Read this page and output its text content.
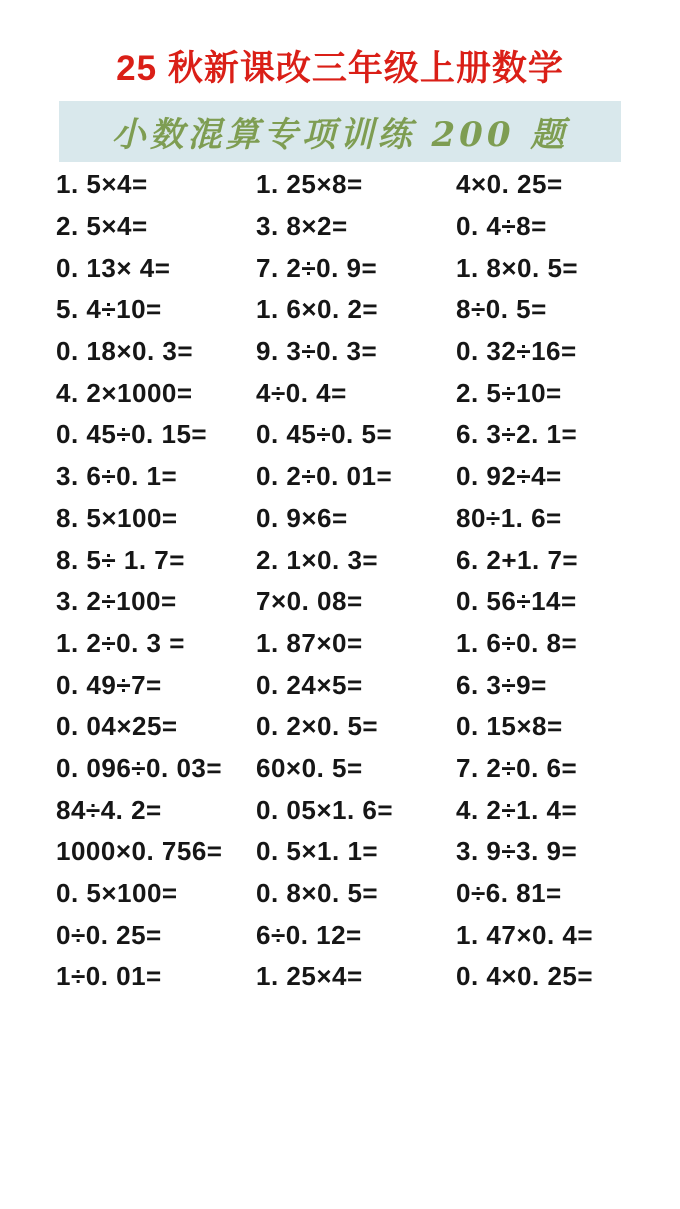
25 秋新课改三年级上册数学
小数混算专项训练 200 题
1. 5×4=	1. 25×8=	4×0. 25=
2. 5×4=	3. 8×2=	0. 4÷8=
0. 13× 4=	7. 2÷0. 9=	1. 8×0. 5=
5. 4÷10=	1. 6×0. 2=	8÷0. 5=
0. 18×0. 3=	9. 3÷0. 3=	0. 32÷16=
4. 2×1000=	4÷0. 4=	2. 5÷10=
0. 45÷0. 15=	0. 45÷0. 5=	6. 3÷2. 1=
3. 6÷0. 1=	0. 2÷0. 01=	0. 92÷4=
8. 5×100=	0. 9×6=	80÷1. 6=
8. 5÷ 1. 7=	2. 1×0. 3=	6. 2+1. 7=
3. 2÷100=	7×0. 08=	0. 56÷14=
1. 2÷0. 3 =	1. 87×0=	1. 6÷0. 8=
0. 49÷7=	0. 24×5=	6. 3÷9=
0. 04×25=	0. 2×0. 5=	0. 15×8=
0. 096÷0. 03=	60×0. 5=	7. 2÷0. 6=
84÷4. 2=	0. 05×1. 6=	4. 2÷1. 4=
1000×0. 756=	0. 5×1. 1=	3. 9÷3. 9=
0. 5×100=	0. 8×0. 5=	0÷6. 81=
0÷0. 25=	6÷0. 12=	1. 47×0. 4=
1÷0. 01=	1. 25×4=	0. 4×0. 25=
